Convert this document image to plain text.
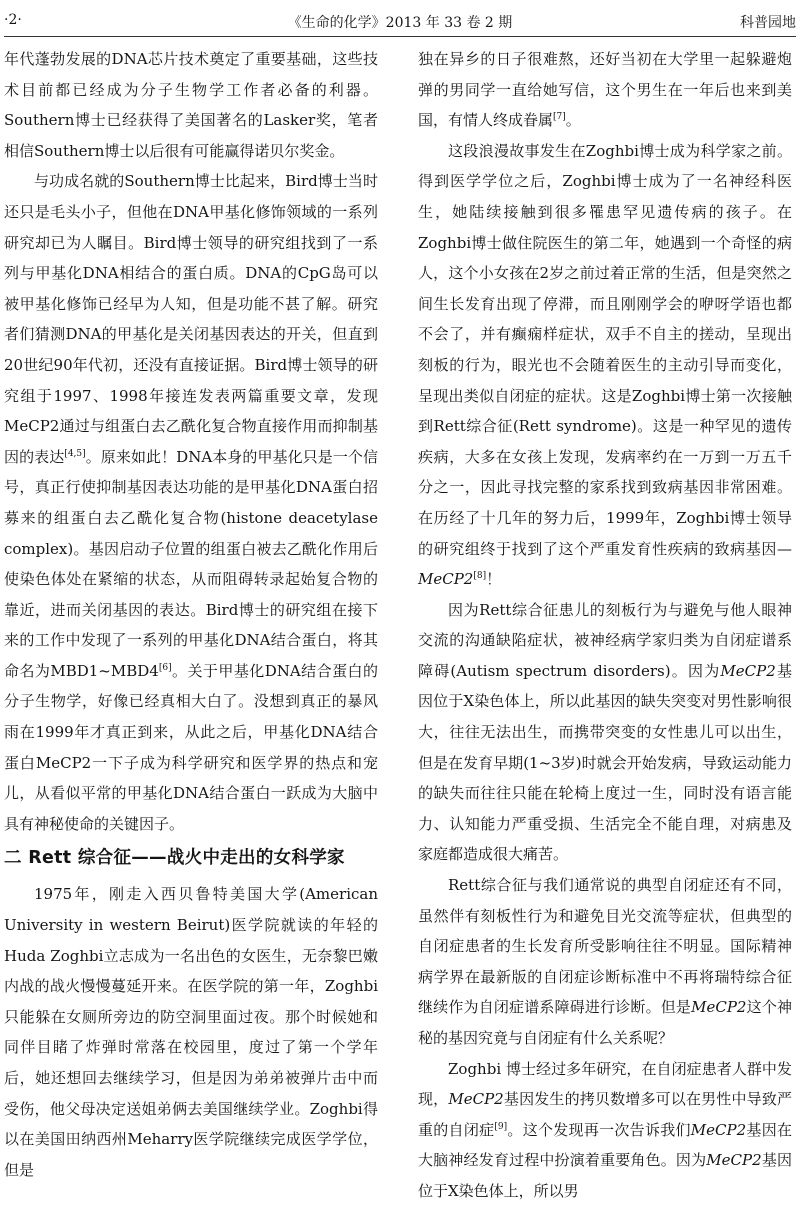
·2·	《生命的化学》2013 年 33 卷 2 期	科普园地

年代蓬勃发展的DNA芯片技术奠定了重要基础，这些技术目前都已经成为分子生物学工作者必备的利器。Southern博士已经获得了美国著名的Lasker奖，笔者相信Southern博士以后很有可能赢得诺贝尔奖金。

与功成名就的Southern博士比起来，Bird博士当时还只是毛头小子，但他在DNA甲基化修饰领域的一系列研究却已为人瞩目。Bird博士领导的研究组找到了一系列与甲基化DNA相结合的蛋白质。DNA的CpG岛可以被甲基化修饰已经早为人知，但是功能不甚了解。研究者们猜测DNA的甲基化是关闭基因表达的开关，但直到20世纪90年代初，还没有直接证据。Bird博士领导的研究组于1997、1998年接连发表两篇重要文章，发现MeCP2通过与组蛋白去乙酰化复合物直接作用而抑制基因的表达[4,5]。原来如此！DNA本身的甲基化只是一个信号，真正行使抑制基因表达功能的是甲基化DNA蛋白招募来的组蛋白去乙酰化复合物(histone deacetylase complex)。基因启动子位置的组蛋白被去乙酰化作用后使染色体处在紧缩的状态，从而阻碍转录起始复合物的靠近，进而关闭基因的表达。Bird博士的研究组在接下来的工作中发现了一系列的甲基化DNA结合蛋白，将其命名为MBD1~MBD4[6]。关于甲基化DNA结合蛋白的分子生物学，好像已经真相大白了。没想到真正的暴风雨在1999年才真正到来，从此之后，甲基化DNA结合蛋白MeCP2一下子成为科学研究和医学界的热点和宠儿，从看似平常的甲基化DNA结合蛋白一跃成为大脑中具有神秘使命的关键因子。

二 Rett 综合征——战火中走出的女科学家

1975年，刚走入西贝鲁特美国大学(American University in western Beirut)医学院就读的年轻的Huda Zoghbi立志成为一名出色的女医生，无奈黎巴嫩内战的战火慢慢蔓延开来。在医学院的第一年，Zoghbi只能躲在女厕所旁边的防空洞里面过夜。那个时候她和同伴目睹了炸弹时常落在校园里，度过了第一个学年后，她还想回去继续学习，但是因为弟弟被弹片击中而受伤，他父母决定送姐弟俩去美国继续学业。Zoghbi得以在美国田纳西州Meharry医学院继续完成医学学位，但是

独在异乡的日子很难熬，还好当初在大学里一起躲避炮弹的男同学一直给她写信，这个男生在一年后也来到美国，有情人终成眷属[7]。

这段浪漫故事发生在Zoghbi博士成为科学家之前。得到医学学位之后，Zoghbi博士成为了一名神经科医生，她陆续接触到很多罹患罕见遗传病的孩子。在Zoghbi博士做住院医生的第二年，她遇到一个奇怪的病人，这个小女孩在2岁之前过着正常的生活，但是突然之间生长发育出现了停滞，而且刚刚学会的咿呀学语也都不会了，并有癫痫样症状，双手不自主的搓动，呈现出刻板的行为，眼光也不会随着医生的主动引导而变化，呈现出类似自闭症的症状。这是Zoghbi博士第一次接触到Rett综合征(Rett syndrome)。这是一种罕见的遗传疾病，大多在女孩上发现，发病率约在一万到一万五千分之一，因此寻找完整的家系找到致病基因非常困难。在历经了十几年的努力后，1999年，Zoghbi博士领导的研究组终于找到了这个严重发育性疾病的致病基因—MeCP2[8]！

因为Rett综合征患儿的刻板行为与避免与他人眼神交流的沟通缺陷症状，被神经病学家归类为自闭症谱系障碍(Autism spectrum disorders)。因为MeCP2基因位于X染色体上，所以此基因的缺失突变对男性影响很大，往往无法出生，而携带突变的女性患儿可以出生，但是在发育早期(1~3岁)时就会开始发病，导致运动能力的缺失而往往只能在轮椅上度过一生，同时没有语言能力、认知能力严重受损、生活完全不能自理，对病患及家庭都造成很大痛苦。

Rett综合征与我们通常说的典型自闭症还有不同，虽然伴有刻板性行为和避免目光交流等症状，但典型的自闭症患者的生长发育所受影响往往不明显。国际精神病学界在最新版的自闭症诊断标准中不再将瑞特综合征继续作为自闭症谱系障碍进行诊断。但是MeCP2这个神秘的基因究竟与自闭症有什么关系呢？

Zoghbi 博士经过多年研究，在自闭症患者人群中发现，MeCP2基因发生的拷贝数增多可以在男性中导致严重的自闭症[9]。这个发现再一次告诉我们MeCP2基因在大脑神经发育过程中扮演着重要角色。因为MeCP2基因位于X染色体上，所以男
